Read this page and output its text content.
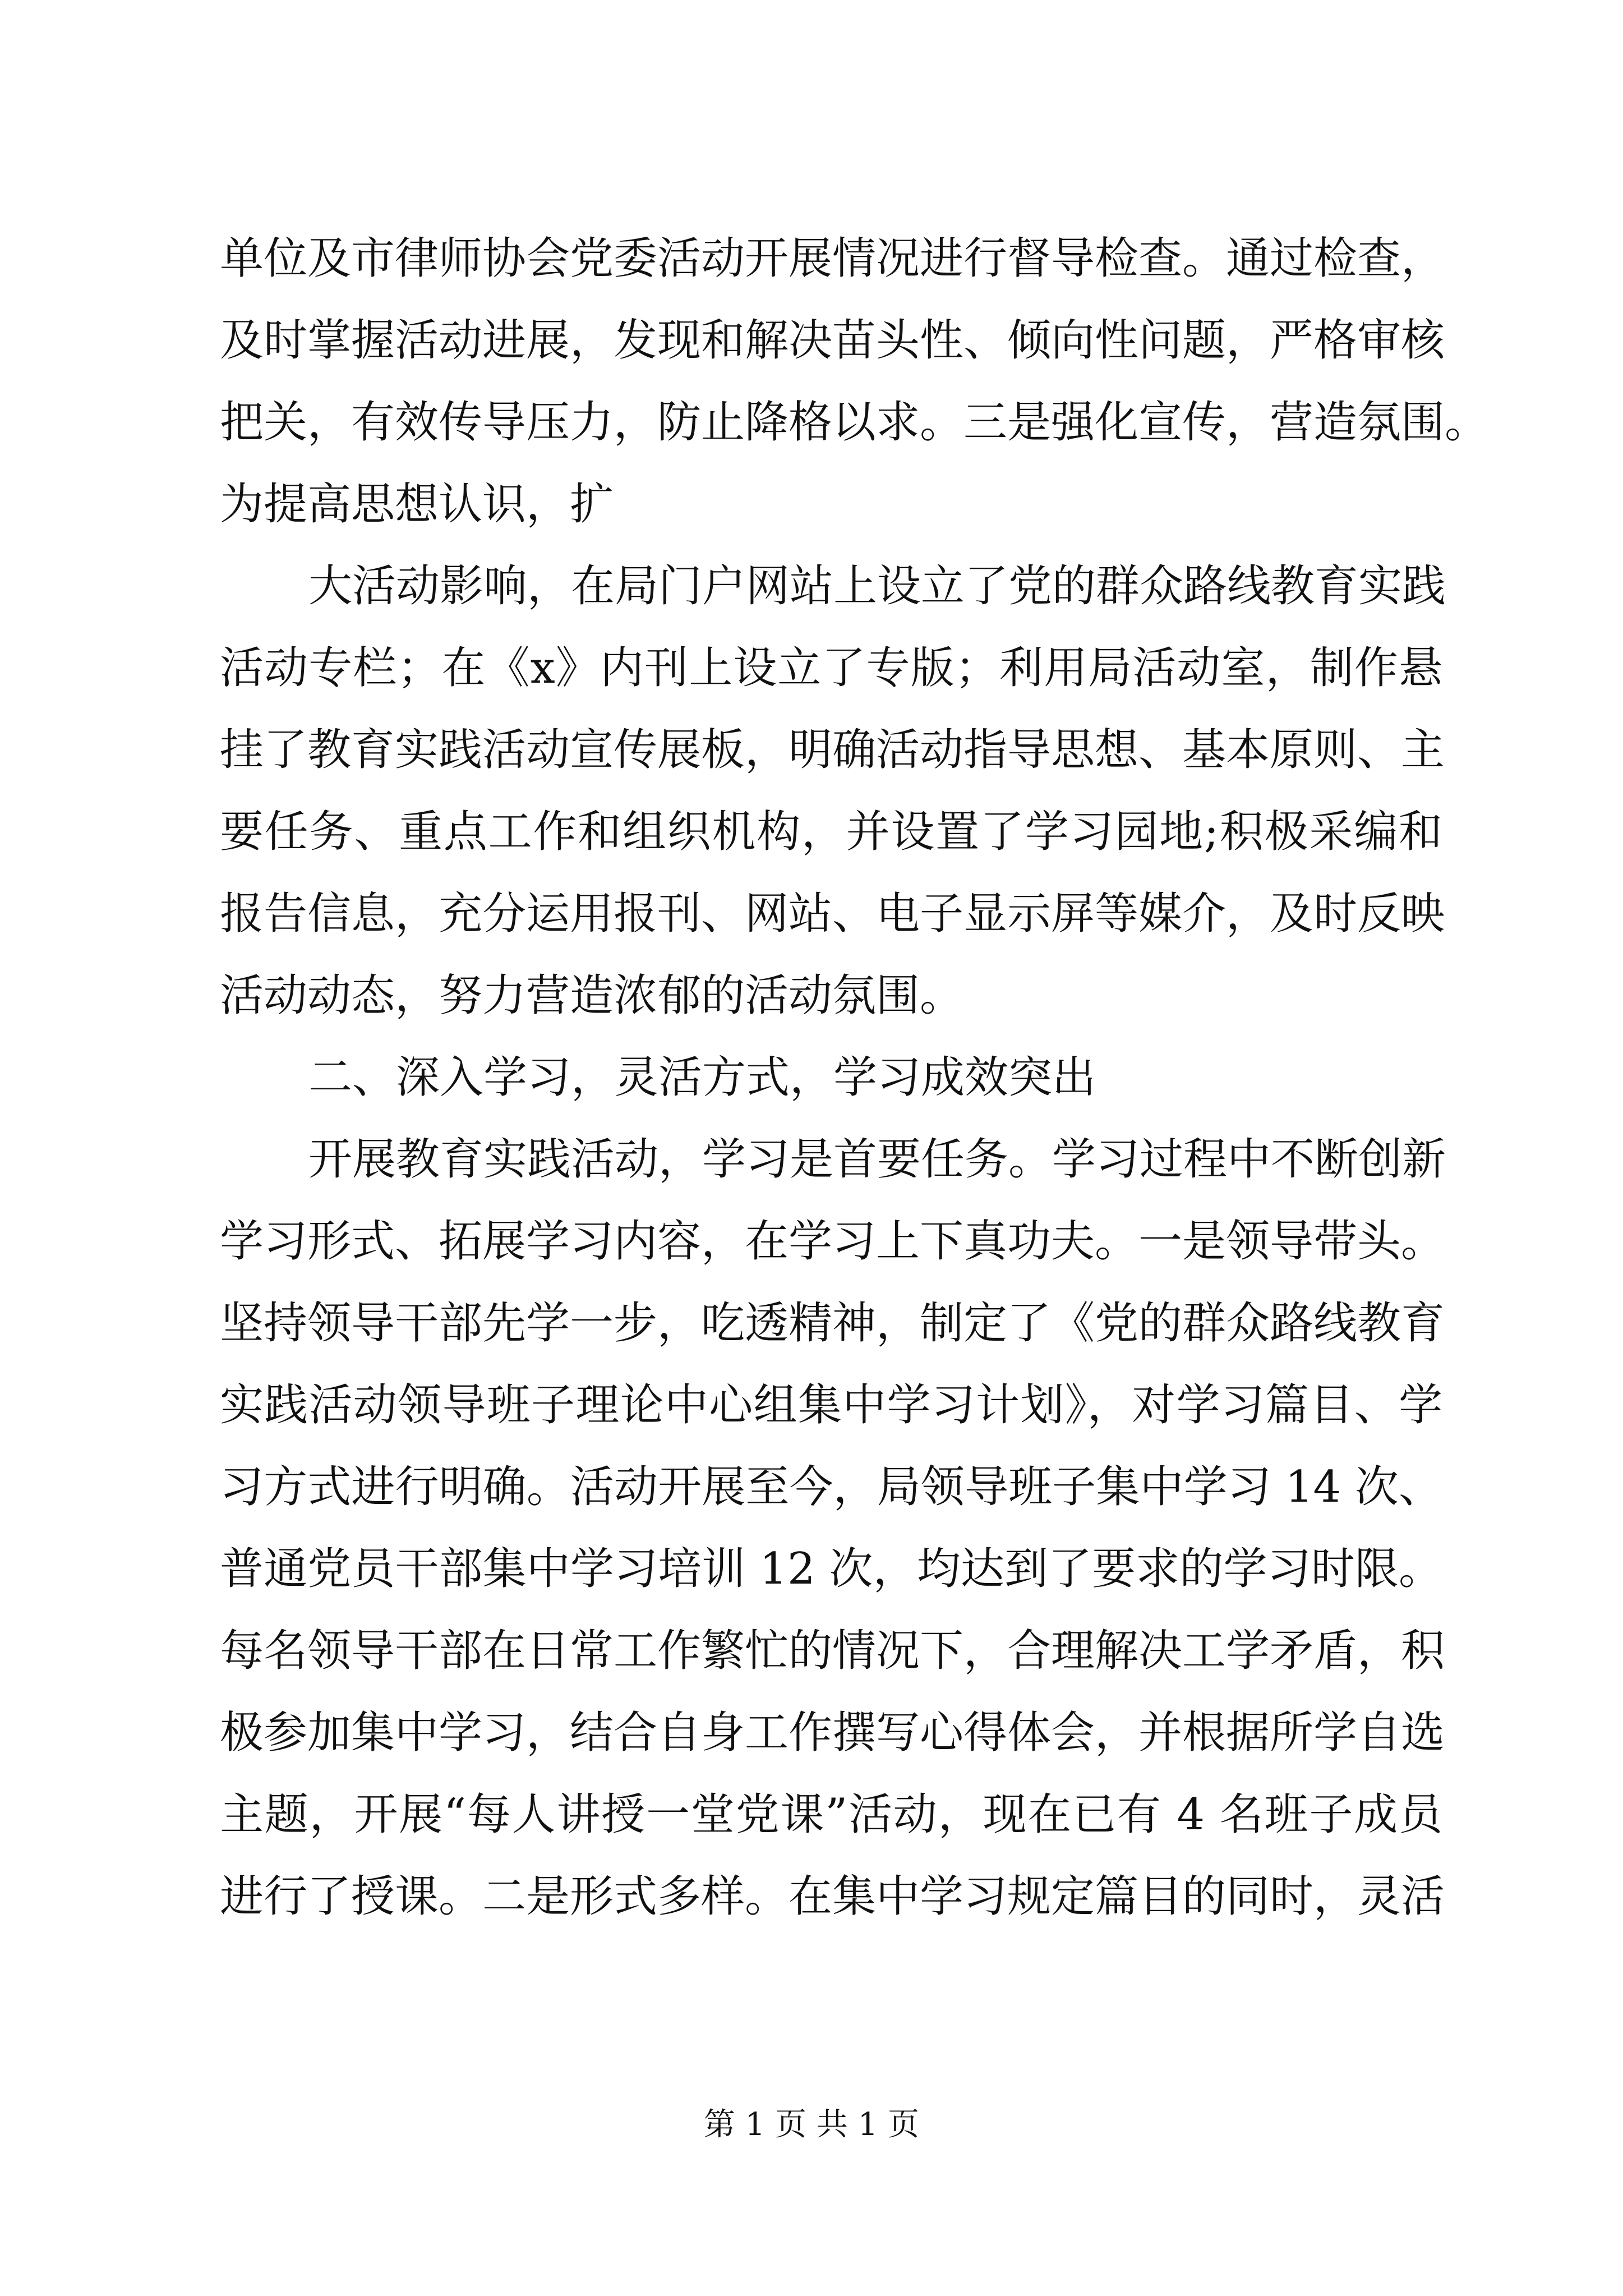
单位及市律师协会党委活动开展情况进行督导检查。通过检查，
及时掌握活动进展，发现和解决苗头性、倾向性问题，严格审核
把关，有效传导压力，防止降格以求。三是强化宣传，营造氛围。
为提高思想认识，扩
大活动影响，在局门户网站上设立了党的群众路线教育实践
活动专栏；在《x》内刊上设立了专版；利用局活动室，制作悬
挂了教育实践活动宣传展板，明确活动指导思想、基本原则、主
要任务、重点工作和组织机构，并设置了学习园地;积极采编和
报告信息，充分运用报刊、网站、电子显示屏等媒介，及时反映
活动动态，努力营造浓郁的活动氛围。
二、深入学习，灵活方式，学习成效突出
开展教育实践活动，学习是首要任务。学习过程中不断创新
学习形式、拓展学习内容，在学习上下真功夫。一是领导带头。
坚持领导干部先学一步，吃透精神，制定了《党的群众路线教育
实践活动领导班子理论中心组集中学习计划》，对学习篇目、学
习方式进行明确。活动开展至今，局领导班子集中学习 14 次、
普通党员干部集中学习培训 12 次，均达到了要求的学习时限。
每名领导干部在日常工作繁忙的情况下，合理解决工学矛盾，积
极参加集中学习，结合自身工作撰写心得体会，并根据所学自选
主题，开展“每人讲授一堂党课”活动，现在已有 4 名班子成员
进行了授课。二是形式多样。在集中学习规定篇目的同时，灵活
第 1 页 共 1 页
